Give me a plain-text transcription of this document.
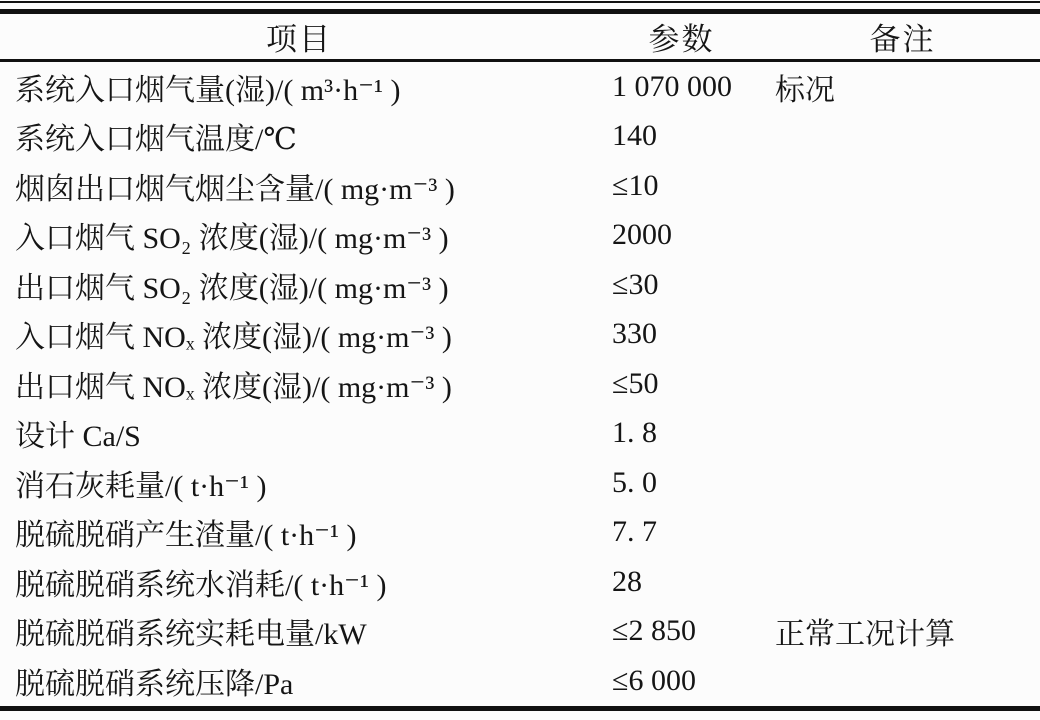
项目	参数	备注
系统入口烟气量(湿)/( m³·h⁻¹ )	1 070 000	标况
系统入口烟气温度/℃	140	
烟囱出口烟气烟尘含量/( mg·m⁻³ )	≤10	
入口烟气 SO₂ 浓度(湿)/( mg·m⁻³ )	2000	
出口烟气 SO₂ 浓度(湿)/( mg·m⁻³ )	≤30	
入口烟气 NOₓ 浓度(湿)/( mg·m⁻³ )	330	
出口烟气 NOₓ 浓度(湿)/( mg·m⁻³ )	≤50	
设计 Ca/S	1. 8	
消石灰耗量/( t·h⁻¹ )	5. 0	
脱硫脱硝产生渣量/( t·h⁻¹ )	7. 7	
脱硫脱硝系统水消耗/( t·h⁻¹ )	28	
脱硫脱硝系统实耗电量/kW	≤2 850	正常工况计算
脱硫脱硝系统压降/Pa	≤6 000	
